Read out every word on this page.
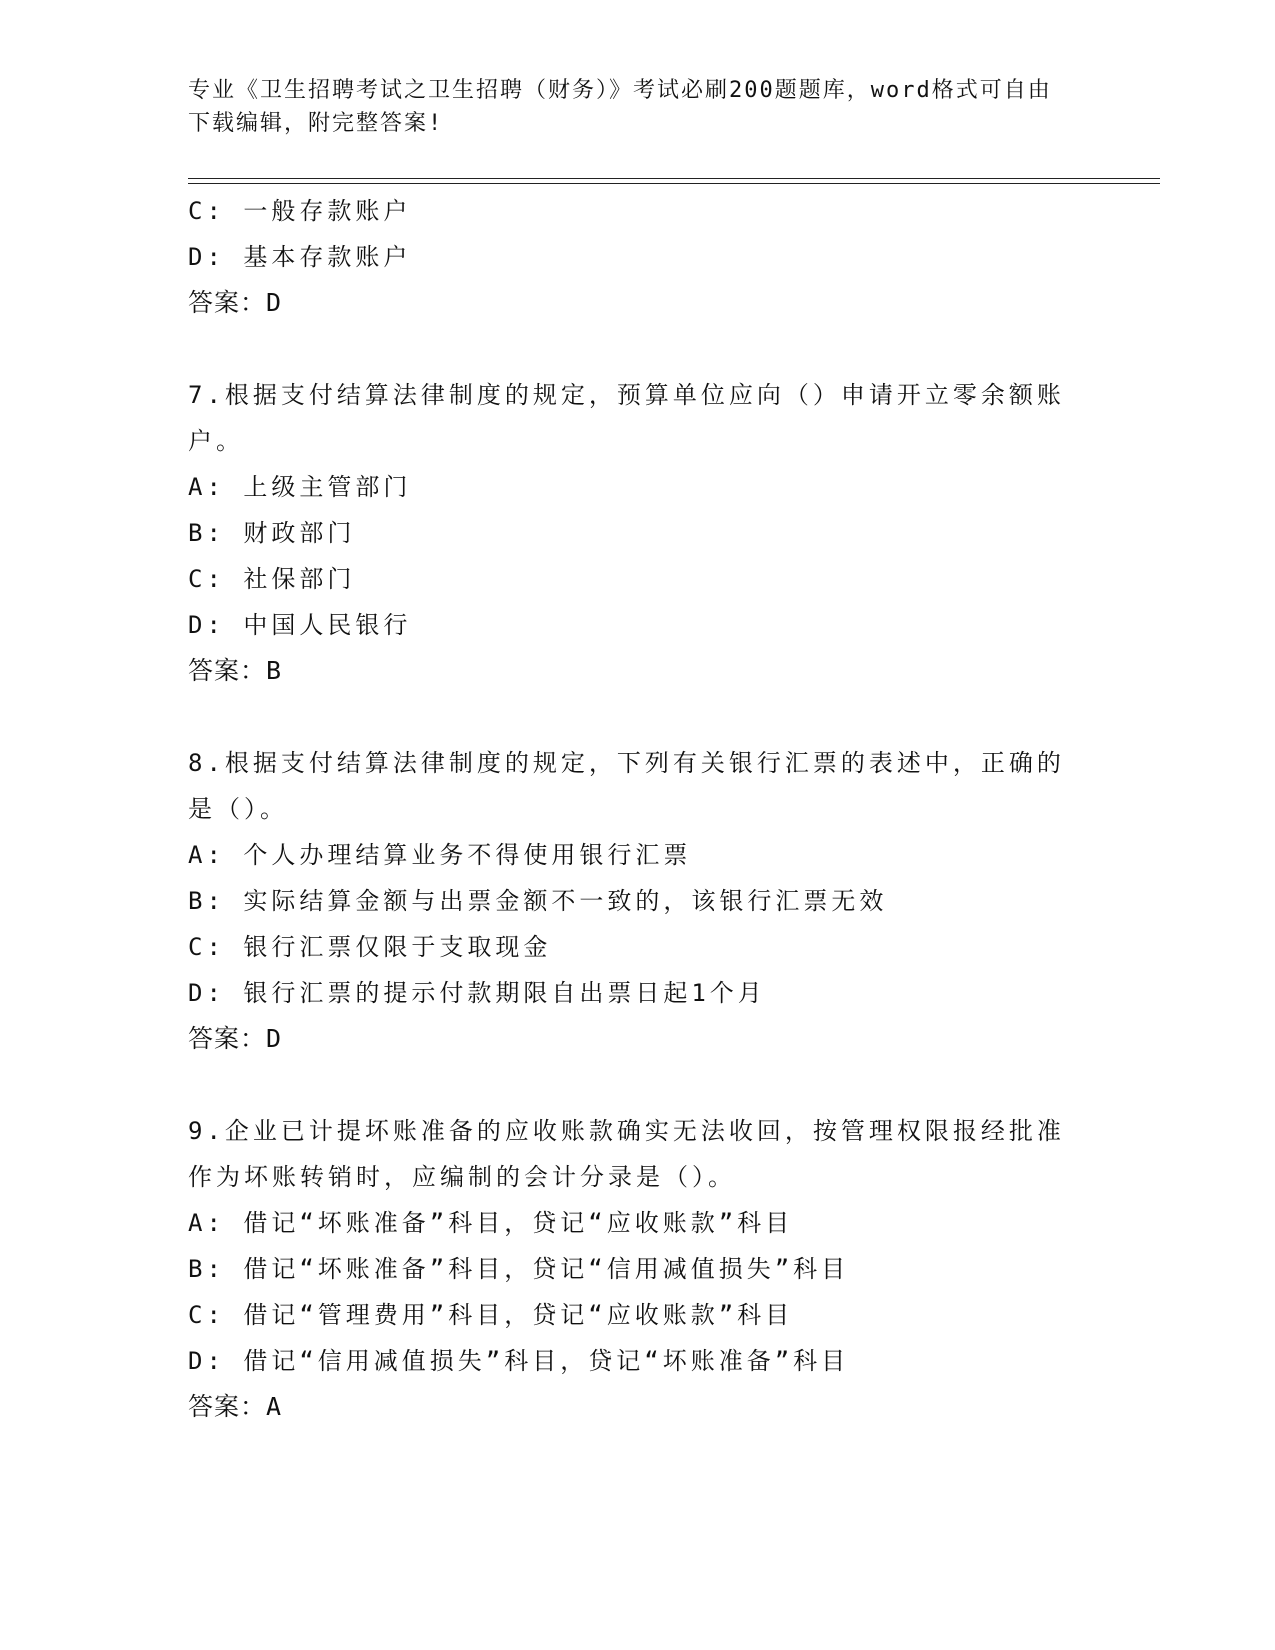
专业《卫生招聘考试之卫生招聘（财务）》考试必刷200题题库，word格式可自由下载编辑，附完整答案!
C: 一般存款账户
D: 基本存款账户
答案：D
7.根据支付结算法律制度的规定，预算单位应向（）申请开立零余额账户。
A: 上级主管部门
B: 财政部门
C: 社保部门
D: 中国人民银行
答案：B
8.根据支付结算法律制度的规定，下列有关银行汇票的表述中，正确的是（）。
A: 个人办理结算业务不得使用银行汇票
B: 实际结算金额与出票金额不一致的，该银行汇票无效
C: 银行汇票仅限于支取现金
D: 银行汇票的提示付款期限自出票日起1个月
答案：D
9.企业已计提坏账准备的应收账款确实无法收回，按管理权限报经批准作为坏账转销时，应编制的会计分录是（）。
A: 借记“坏账准备”科目，贷记“应收账款”科目
B: 借记“坏账准备”科目，贷记“信用减值损失”科目
C: 借记“管理费用”科目，贷记“应收账款”科目
D: 借记“信用减值损失”科目，贷记“坏账准备”科目
答案：A
